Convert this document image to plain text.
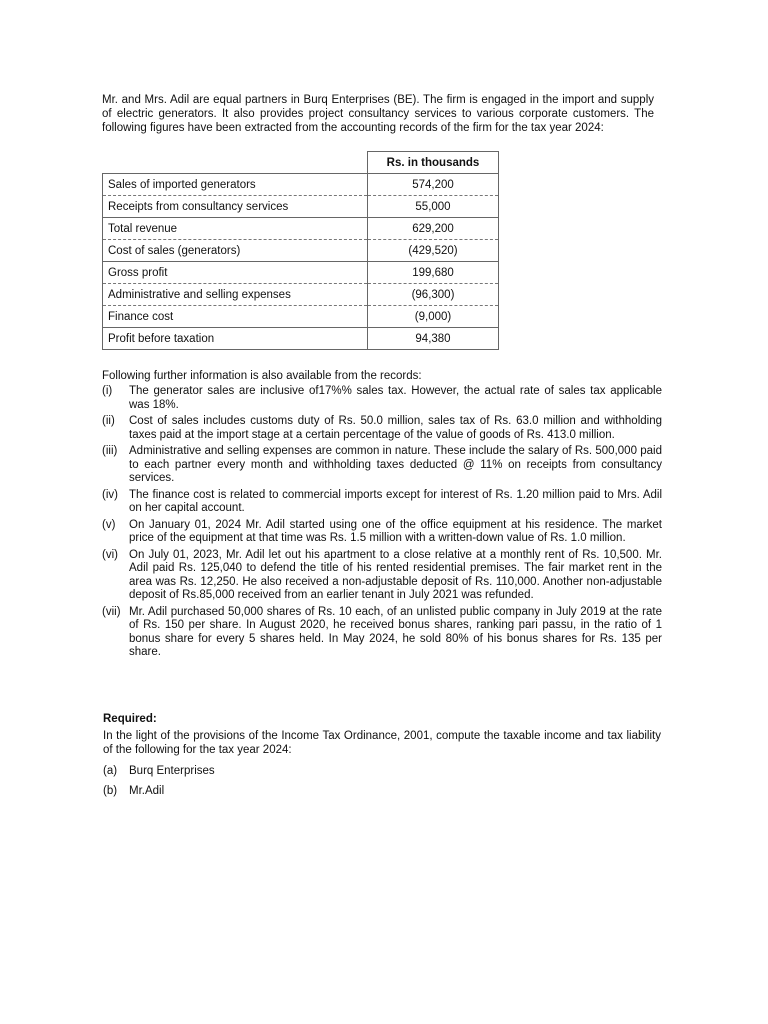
Mr. and Mrs. Adil are equal partners in Burq Enterprises (BE). The firm is engaged in the import and supply of electric generators. It also provides project consultancy services to various corporate customers. The following figures have been extracted from the accounting records of the firm for the tax year 2024:

	Rs. in thousands
Sales of imported generators	574,200
Receipts from consultancy services	55,000
Total revenue	629,200
Cost of sales (generators)	(429,520)
Gross profit	199,680
Administrative and selling expenses	(96,300)
Finance cost	(9,000)
Profit before taxation	94,380

Following further information is also available from the records:

(i)	The generator sales are inclusive of17%% sales tax. However, the actual rate of sales tax applicable was 18%.
(ii)	Cost of sales includes customs duty of Rs. 50.0 million, sales tax of Rs. 63.0 million and withholding taxes paid at the import stage at a certain percentage of the value of goods of Rs. 413.0 million.
(iii)	Administrative and selling expenses are common in nature. These include the salary of Rs. 500,000 paid to each partner every month and withholding taxes deducted @ 11% on receipts from consultancy services.
(iv) The finance cost is related to commercial imports except for interest of Rs. 1.20 million paid to Mrs. Adil on her capital account.
(v)	On January 01, 2024 Mr. Adil started using one of the office equipment at his residence. The market price of the equipment at that time was Rs. 1.5 million with a written-down value of Rs. 1.0 million.
(vi) On July 01, 2023, Mr. Adil let out his apartment to a close relative at a monthly rent of Rs. 10,500. Mr. Adil paid Rs. 125,040 to defend the title of his rented residential premises. The fair market rent in the area was Rs. 12,250. He also received a non-adjustable deposit of Rs. 110,000. Another non-adjustable deposit of Rs.85,000 received from an earlier tenant in July 2021 was refunded.
(vii) Mr. Adil purchased 50,000 shares of Rs. 10 each, of an unlisted public company in July 2019 at the rate of Rs. 150 per share. In August 2020, he received bonus shares, ranking pari passu, in the ratio of 1 bonus share for every 5 shares held. In May 2024, he sold 80% of his bonus shares for Rs. 135 per share.

Required:

In the light of the provisions of the Income Tax Ordinance, 2001, compute the taxable income and tax liability of the following for the tax year 2024:

(a)	Burq Enterprises
(b)	Mr.Adil
